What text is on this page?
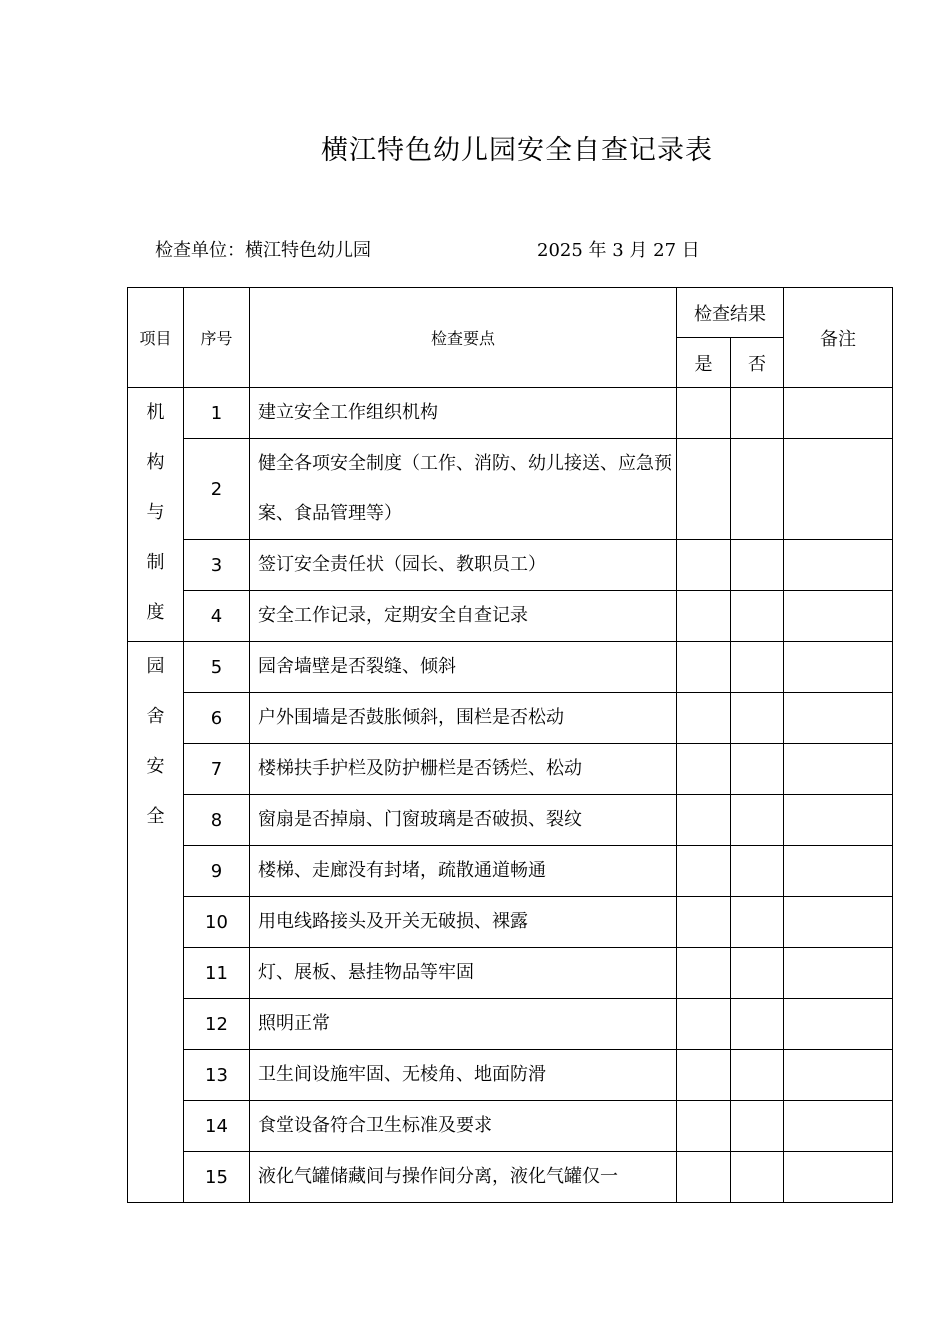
横江特色幼儿园安全自查记录表
检查单位：横江特色幼儿园	2025 年 3 月 27 日
项目	序号	检查要点	检查结果		备注
			是	否	

机
构
与
制
度	1	建立安全工作组织机构			
	2	健全各项安全制度（工作、消防、幼儿接送、应急预案、食品管理等）			
	3	签订安全责任状（园长、教职员工）			
	4	安全工作记录，定期安全自查记录			

园
舍
安
全	5	园舍墙壁是否裂缝、倾斜			
	6	户外围墙是否鼓胀倾斜，围栏是否松动			
	7	楼梯扶手护栏及防护栅栏是否锈烂、松动			
	8	窗扇是否掉扇、门窗玻璃是否破损、裂纹			
	9	楼梯、走廊没有封堵，疏散通道畅通			
	10	用电线路接头及开关无破损、裸露			
	11	灯、展板、悬挂物品等牢固			
	12	照明正常			
	13	卫生间设施牢固、无棱角、地面防滑			
	14	食堂设备符合卫生标准及要求			
	15	液化气罐储藏间与操作间分离，液化气罐仅一			
